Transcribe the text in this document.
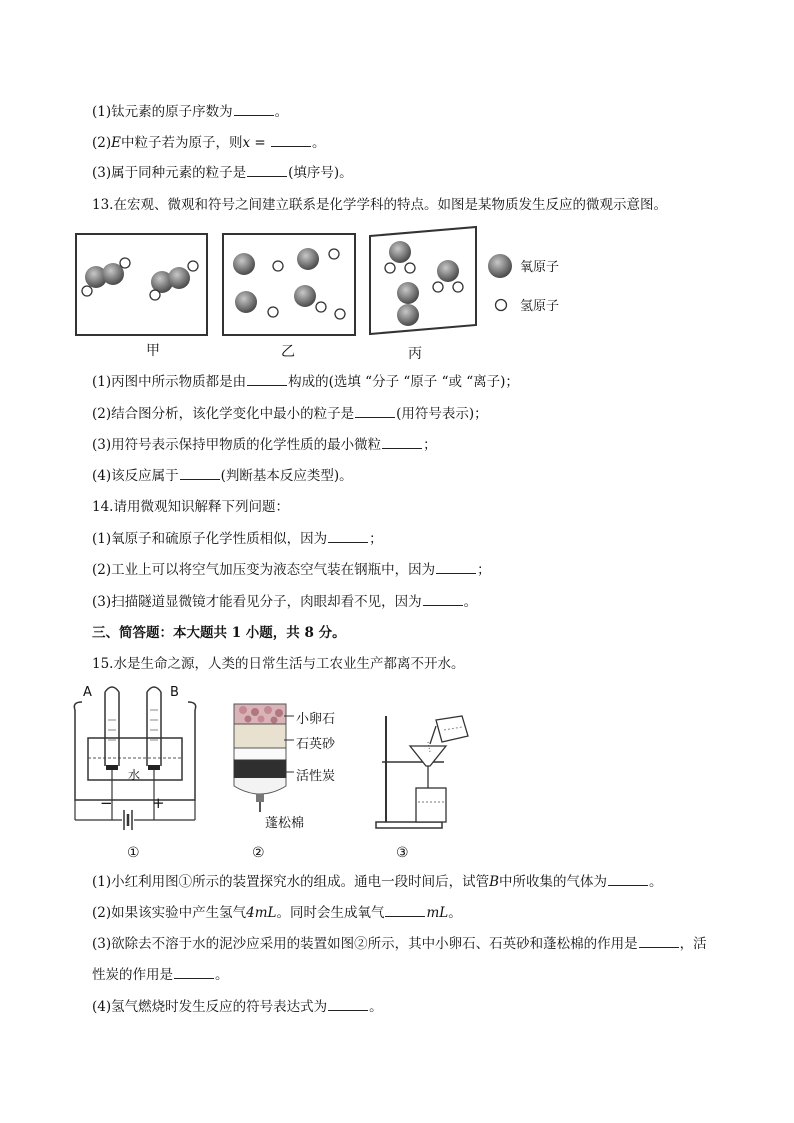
(1)钛元素的原子序数为	。
(2)E中粒子若为原子，则x =	。
(3)属于同种元素的粒子是	(填序号)。
13.在宏观、微观和符号之间建立联系是化学学科的特点。如图是某物质发生反应的微观示意图。
氧原子
氢原子
甲	乙	丙
(1)丙图中所示物质都是由	构成的(选填 “分子 “原子 “或 “离子)；
(2)结合图分析，该化学变化中最小的粒子是	(用符号表示)；
(3)用符号表示保持甲物质的化学性质的最小微粒	；
(4)该反应属于	(判断基本反应类型)。
14.请用微观知识解释下列问题：
(1)氧原子和硫原子化学性质相似，因为	；
(2)工业上可以将空气加压变为液态空气装在钢瓶中，因为	；
(3)扫描隧道显微镜才能看见分子，肉眼却看不见，因为	。
三、简答题：本大题共 1 小题，共 8 分。
15.水是生命之源，人类的日常生活与工农业生产都离不开水。
A	B
水
−	+
小卵石
石英砂
活性炭
蓬松棉
①	②	③
(1)小红利用图①所示的装置探究水的组成。通电一段时间后，试管B中所收集的气体为	。
(2)如果该实验中产生氢气4mL。同时会生成氧气	mL。
(3)欲除去不溶于水的泥沙应采用的装置如图②所示，其中小卵石、石英砂和蓬松棉的作用是	，活
性炭的作用是	。
(4)氢气燃烧时发生反应的符号表达式为	。
